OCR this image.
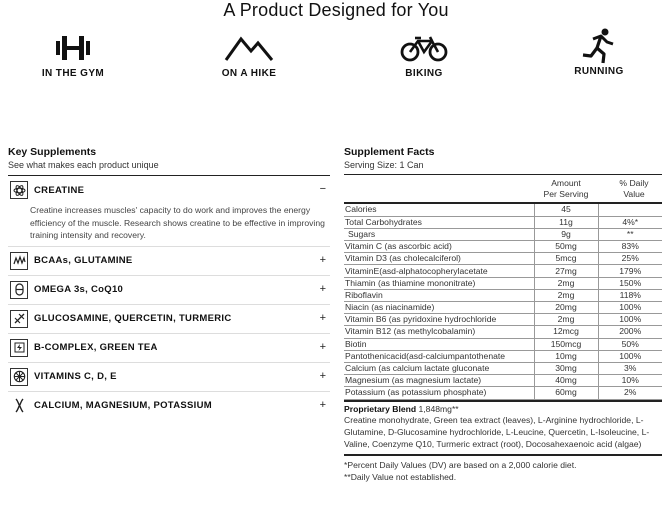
A Product Designed for You
IN THE GYM	ON A HIKE	BIKING	RUNNING
Key Supplements
See what makes each product unique
CREATINE	−
Creatine increases muscles' capacity to do work and improves the energy efficiency of the muscle. Research shows creatine to be effective in improving training intensity and recovery.
BCAAs, GLUTAMINE	+
OMEGA 3s, CoQ10	+
GLUCOSAMINE, QUERCETIN, TURMERIC	+
B-COMPLEX, GREEN TEA	+
VITAMINS C, D, E	+
CALCIUM, MAGNESIUM, POTASSIUM	+
Supplement Facts
Serving Size: 1 Can
Amount
Per Serving
% Daily
Value
Calories	45	
Total Carbohydrates	11g	4%*
Sugars	9g	**
Vitamin C (as ascorbic acid)	50mg	83%
Vitamin D3 (as cholecalciferol)	5mcg	25%
VitaminE(asd-alphatocopherylacetate	27mg	179%
Thiamin (as thiamine mononitrate)	2mg	150%
Riboflavin	2mg	118%
Niacin (as niacinamide)	20mg	100%
Vitamin B6 (as pyridoxine hydrochloride	2mg	100%
Vitamin B12 (as methylcobalamin)	12mcg	200%
Biotin	150mcg	50%
Pantothenicacid(asd-calciumpantothenate	10mg	100%
Calcium (as calcium lactate gluconate	30mg	3%
Magnesium (as magnesium lactate)	40mg	10%
Potassium (as potassium phosphate)	60mg	2%
Proprietary Blend 1,848mg**
Creatine monohydrate, Green tea extract (leaves), L-Arginine hydrochloride, L-Glutamine, D-Glucosamine hydrochloride, L-Leucine, Quercetin, L-Isoleucine, L-Valine, Coenzyme Q10, Turmeric extract (root), Docosahexaenoic acid (algae)
*Percent Daily Values (DV) are based on a 2,000 calorie diet.
**Daily Value not established.
